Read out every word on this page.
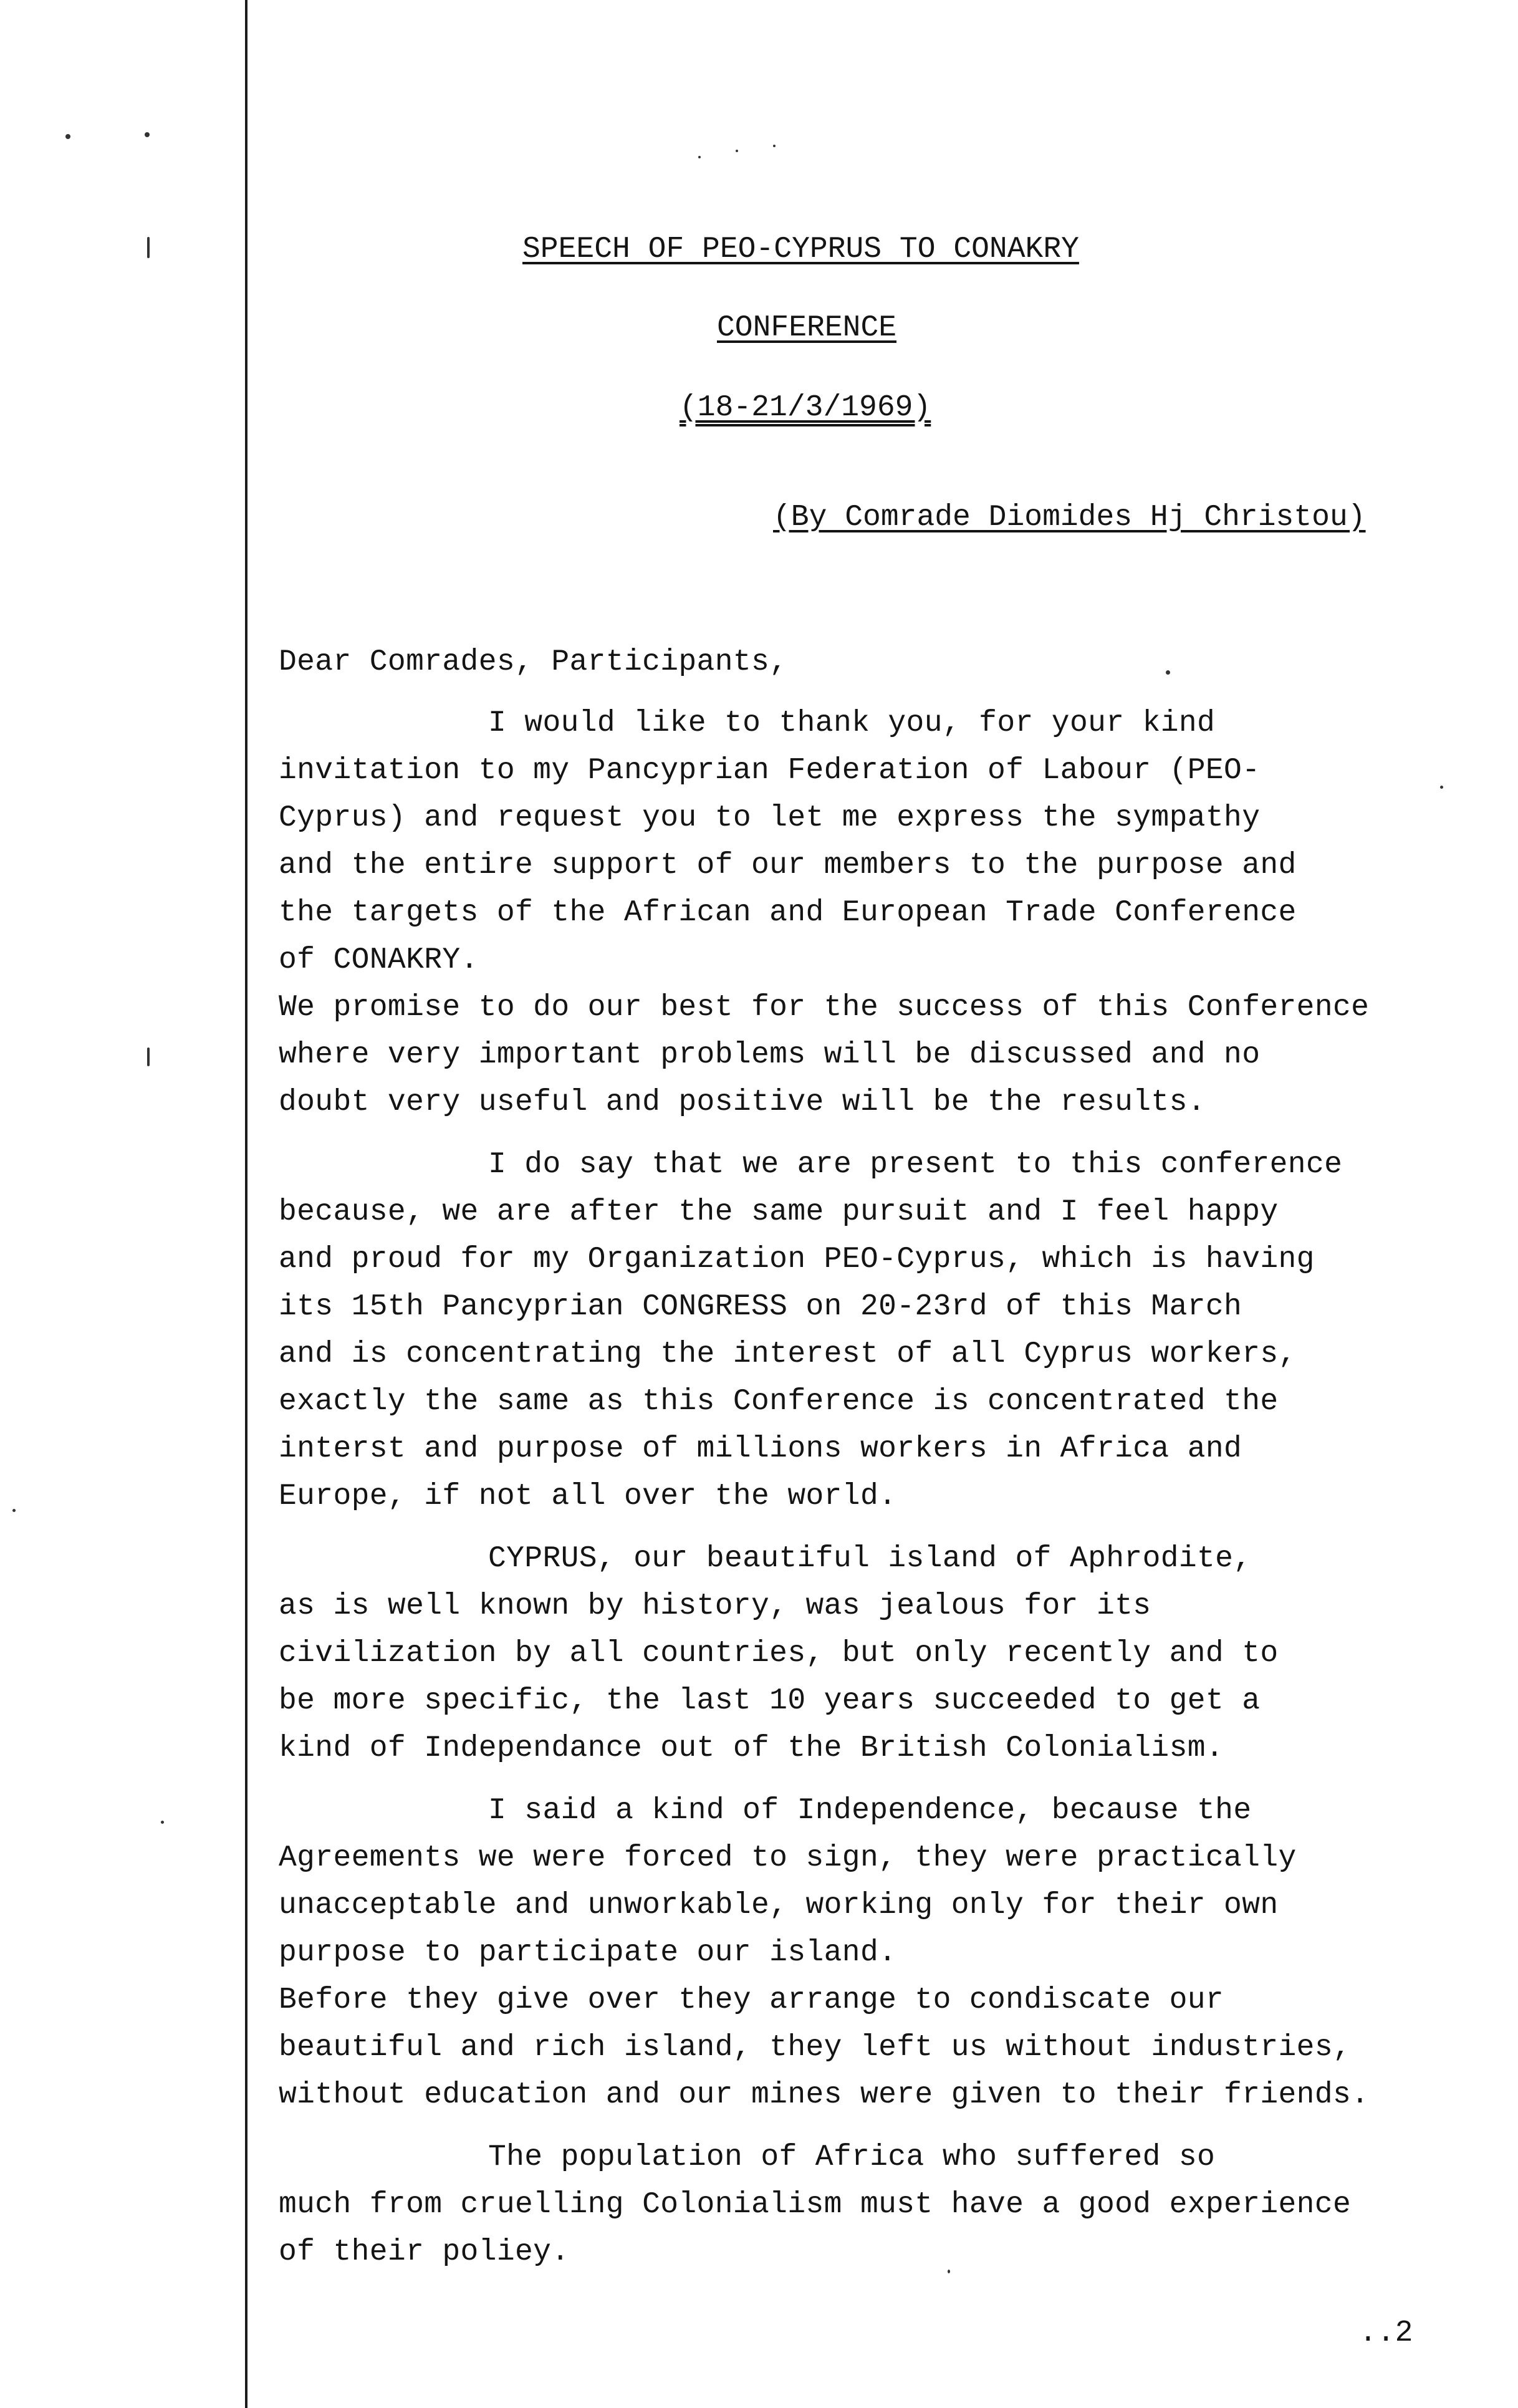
SPEECH OF PEO-CYPRUS TO CONAKRY
CONFERENCE
(18-21/3/1969)
(By Comrade Diomides Hj Christou)
Dear Comrades, Participants,
I would like to thank you, for your kind
invitation to my Pancyprian Federation of Labour (PEO-
Cyprus) and request you to let me express the sympathy
and the entire support of our members to the purpose and
the targets of the African and European Trade Conference
of CONAKRY.
We promise to do our best for the success of this Conference
where very important problems will be discussed and no
doubt very useful and positive will be the results.
I do say that we are present to this conference
because, we are after the same pursuit and I feel happy
and proud for my Organization PEO-Cyprus, which is having
its 15th Pancyprian CONGRESS on 20-23rd of this March
and is concentrating the interest of all Cyprus workers,
exactly the same as this Conference is concentrated the
interst and purpose of millions workers in Africa and
Europe, if not all over the world.
CYPRUS, our beautiful island of Aphrodite,
as is well known by history, was jealous for its
civilization by all countries, but only recently and to
be more specific, the last 10 years succeeded to get a
kind of Independance out of the British Colonialism.
I said a kind of Independence, because the
Agreements we were forced to sign, they were practically
unacceptable and unworkable, working only for their own
purpose to participate our island.
Before they give over they arrange to condiscate our
beautiful and rich island, they left us without industries,
without education and our mines were given to their friends.
The population of Africa who suffered so
much from cruelling Colonialism must have a good experience
of their poliey.
..2
